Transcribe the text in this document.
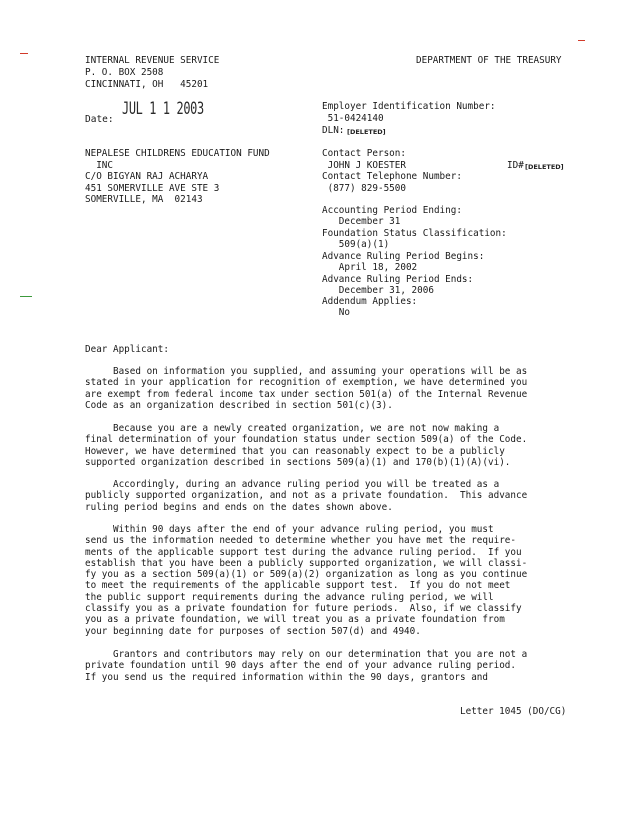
INTERNAL REVENUE SERVICE
P. O. BOX 2508
CINCINNATI, OH   45201
DEPARTMENT OF THE TREASURY
Date:
JUL 1 1 2003
NEPALESE CHILDRENS EDUCATION FUND
INC
C/O BIGYAN RAJ ACHARYA
451 SOMERVILLE AVE STE 3
SOMERVILLE, MA  02143
Employer Identification Number:
51-0424140
DLN: [DELETED]
Contact Person:
JOHN J KOESTER	ID# [DELETED]
Contact Telephone Number:
(877) 829-5500
Accounting Period Ending:
December 31
Foundation Status Classification:
509(a)(1)
Advance Ruling Period Begins:
April 18, 2002
Advance Ruling Period Ends:
December 31, 2006
Addendum Applies:
No
Dear Applicant:
Based on information you supplied, and assuming your operations will be as
stated in your application for recognition of exemption, we have determined you
are exempt from federal income tax under section 501(a) of the Internal Revenue
Code as an organization described in section 501(c)(3).
Because you are a newly created organization, we are not now making a
final determination of your foundation status under section 509(a) of the Code.
However, we have determined that you can reasonably expect to be a publicly
supported organization described in sections 509(a)(1) and 170(b)(1)(A)(vi).
Accordingly, during an advance ruling period you will be treated as a
publicly supported organization, and not as a private foundation.  This advance
ruling period begins and ends on the dates shown above.
Within 90 days after the end of your advance ruling period, you must
send us the information needed to determine whether you have met the require-
ments of the applicable support test during the advance ruling period.  If you
establish that you have been a publicly supported organization, we will classi-
fy you as a section 509(a)(1) or 509(a)(2) organization as long as you continue
to meet the requirements of the applicable support test.  If you do not meet
the public support requirements during the advance ruling period, we will
classify you as a private foundation for future periods.  Also, if we classify
you as a private foundation, we will treat you as a private foundation from
your beginning date for purposes of section 507(d) and 4940.
Grantors and contributors may rely on our determination that you are not a
private foundation until 90 days after the end of your advance ruling period.
If you send us the required information within the 90 days, grantors and
Letter 1045 (DO/CG)
